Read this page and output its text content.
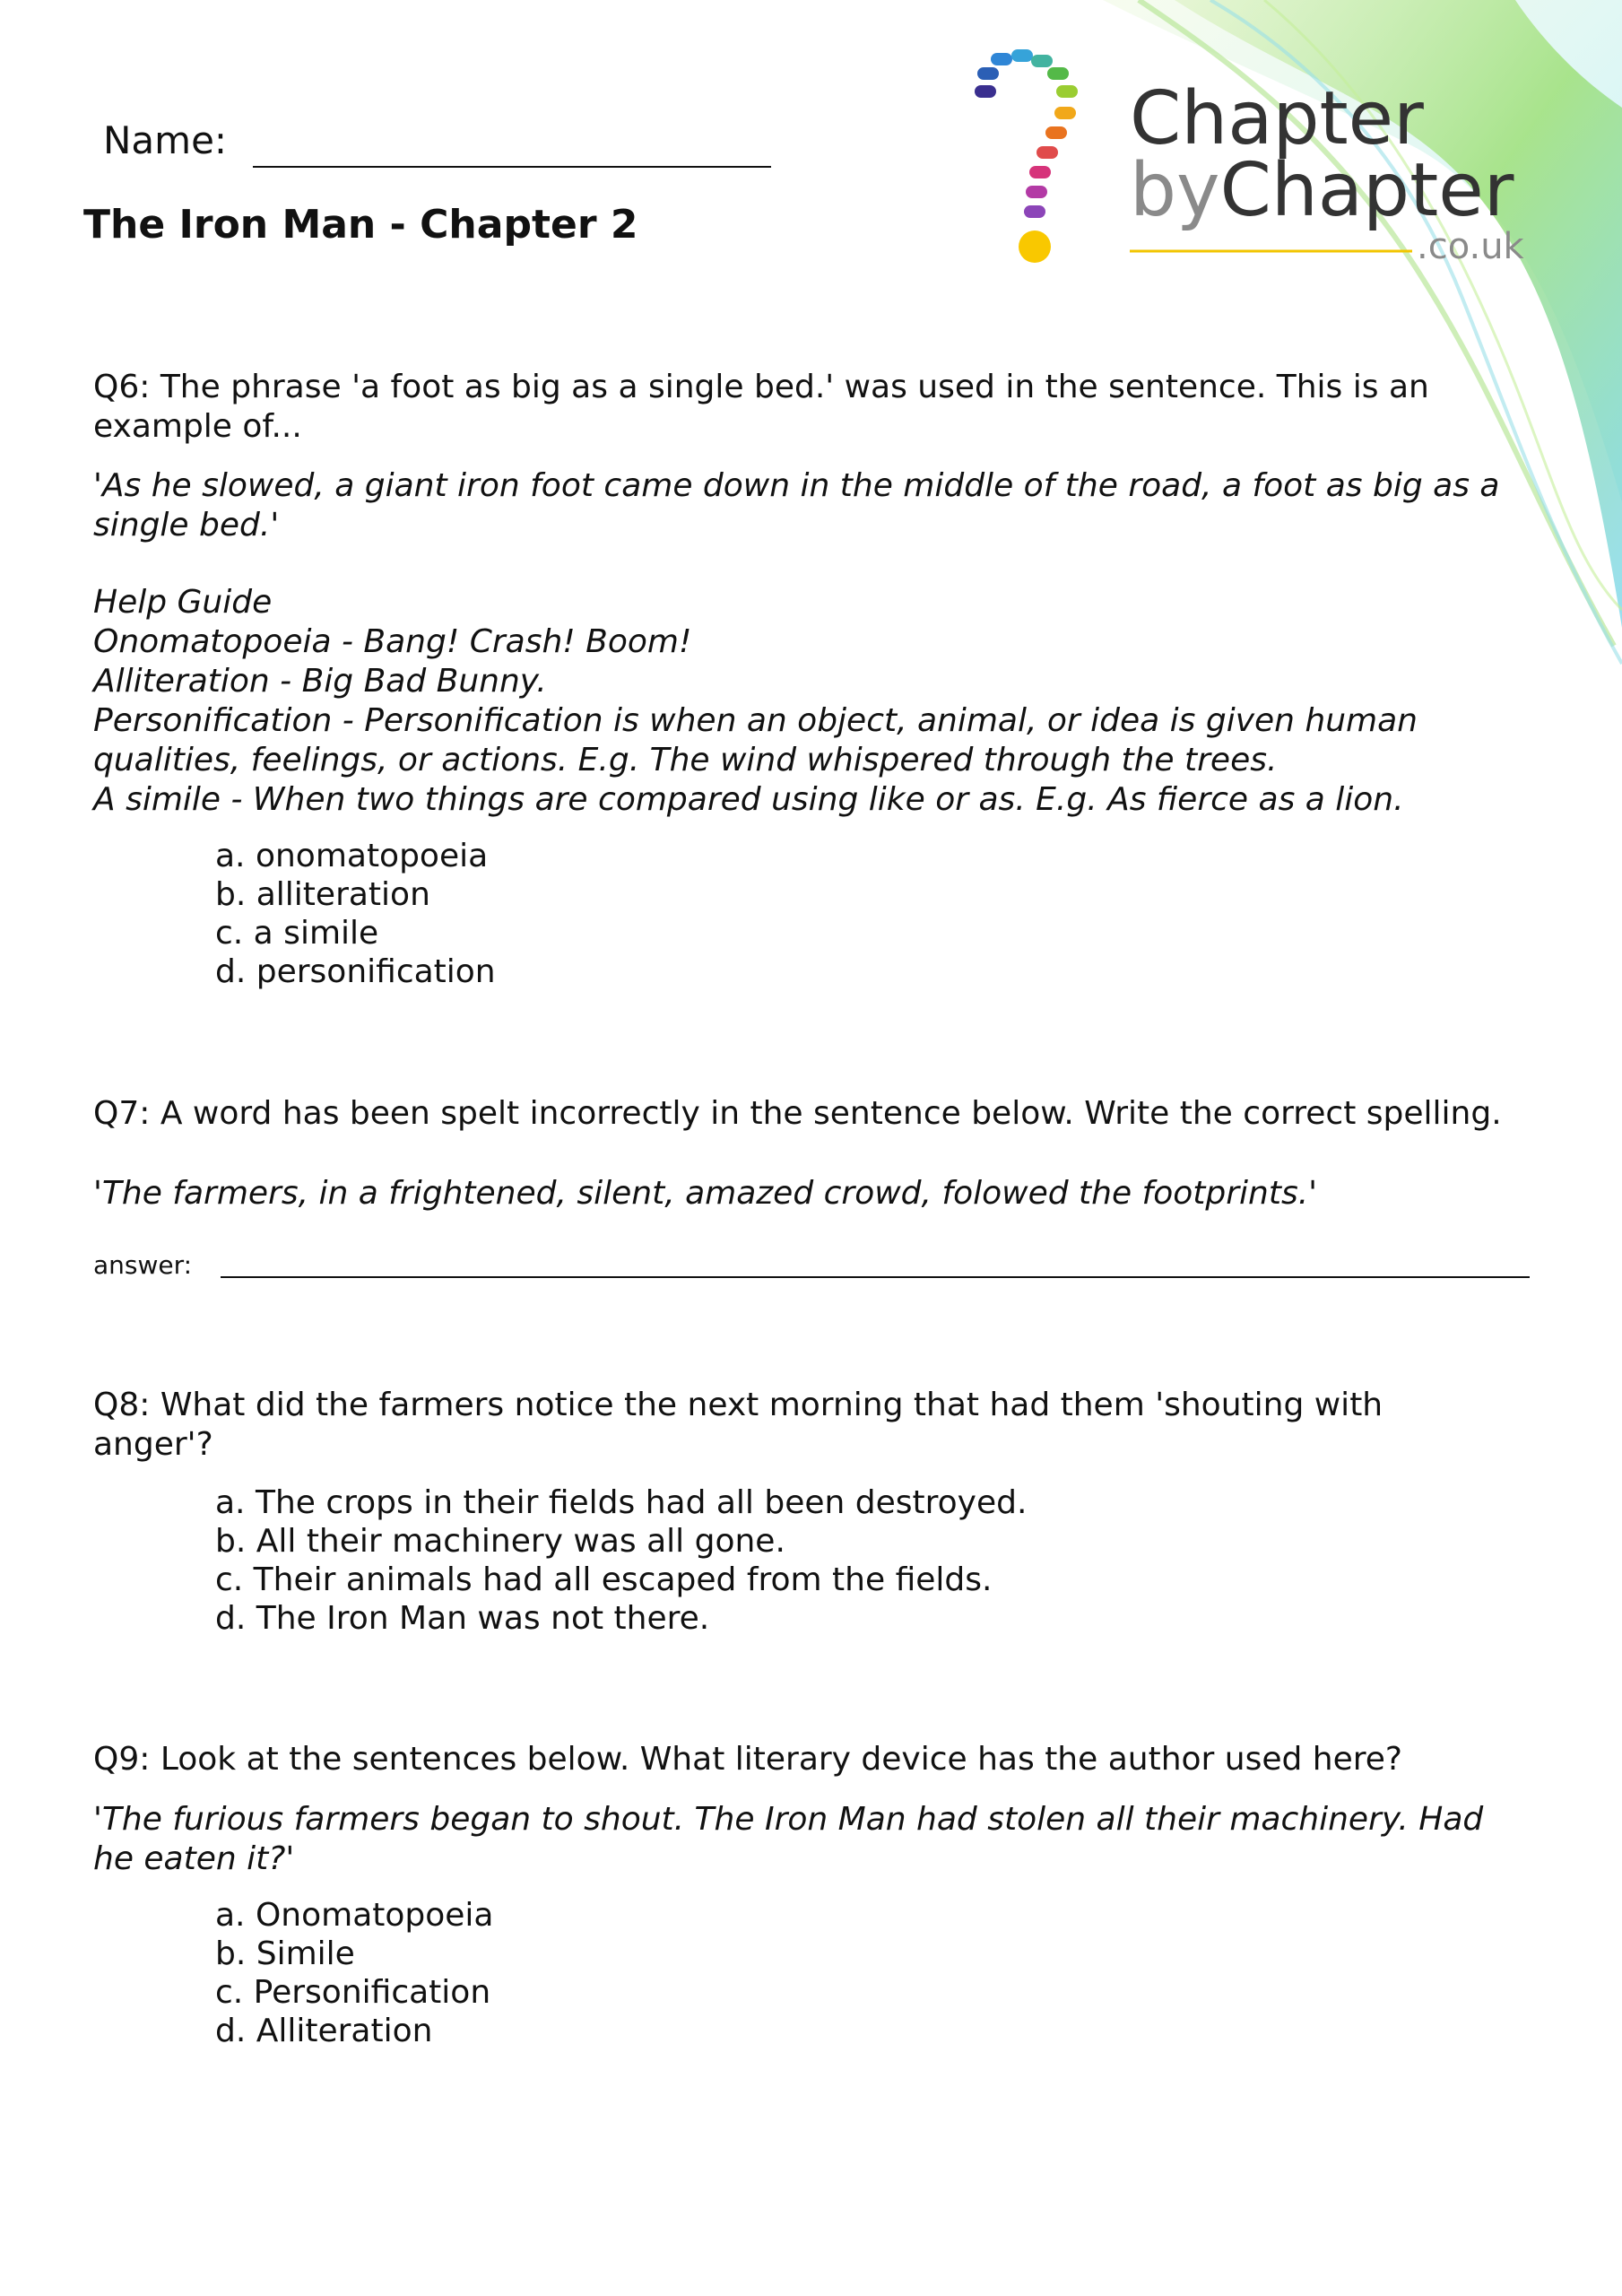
Chapter
byChapter
.co.uk
Name:
The Iron Man - Chapter 2
Q6: The phrase 'a foot as big as a single bed.' was used in the sentence. This is an
example of...
'As he slowed, a giant iron foot came down in the middle of the road, a foot as big as a
single bed.'
Help Guide
Onomatopoeia - Bang! Crash! Boom!
Alliteration - Big Bad Bunny.
Personification - Personification is when an object, animal, or idea is given human
qualities, feelings, or actions. E.g. The wind whispered through the trees.
A simile - When two things are compared using like or as. E.g. As fierce as a lion.
a. onomatopoeia
b. alliteration
c. a simile
d. personification
Q7: A word has been spelt incorrectly in the sentence below. Write the correct spelling.
'The farmers, in a frightened, silent, amazed crowd, folowed the footprints.'
answer:
Q8: What did the farmers notice the next morning that had them 'shouting with
anger'?
a. The crops in their fields had all been destroyed.
b. All their machinery was all gone.
c. Their animals had all escaped from the fields.
d. The Iron Man was not there.
Q9: Look at the sentences below. What literary device has the author used here?
'The furious farmers began to shout. The Iron Man had stolen all their machinery. Had
he eaten it?'
a. Onomatopoeia
b. Simile
c. Personification
d. Alliteration
